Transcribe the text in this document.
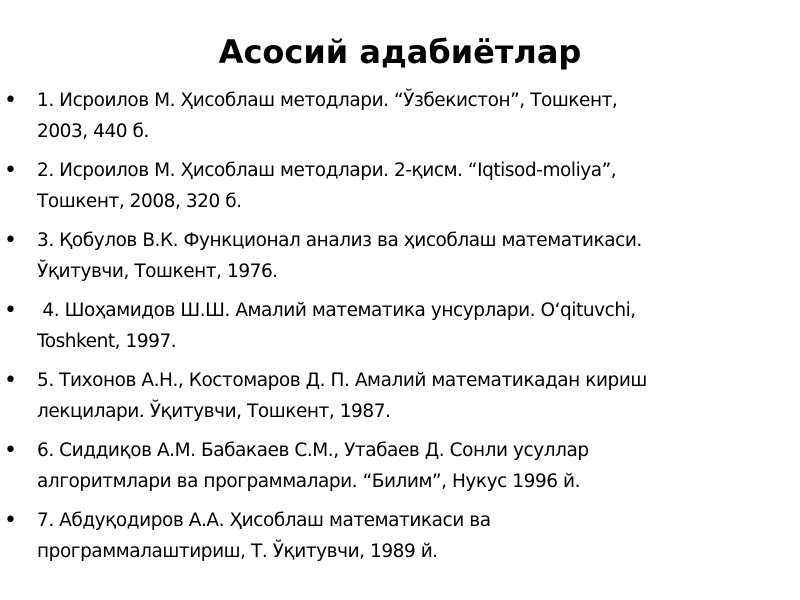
Асосий адабиётлар
• 1. Исроилов М. Ҳисоблаш методлари. “Ўзбекистон”, Тошкент,
2003, 440 б.
• 2. Исроилов М. Ҳисоблаш методлари. 2-қисм. “Iqtisod-moliya”,
Тошкент, 2008, 320 б.
• 3. Қобулов В.К. Функционал анализ ва ҳисоблаш математикаси.
Ўқитувчи, Тошкент, 1976.
• 4. Шоҳамидов Ш.Ш. Амалий математика унсурлари. O‘qituvchi,
Toshkent, 1997.
• 5. Тихонов А.Н., Костомаров Д. П. Амалий математикадан кириш
лекцилари. Ўқитувчи, Тошкент, 1987.
• 6. Сиддиқов А.М. Бабакаев С.М., Утабаев Д. Сонли усуллар
алгоритмлари ва программалари. “Билим”, Нукус 1996 й.
• 7. Абдуқодиров А.А. Ҳисоблаш математикаси ва
программалаштириш, Т. Ўқитувчи, 1989 й.
